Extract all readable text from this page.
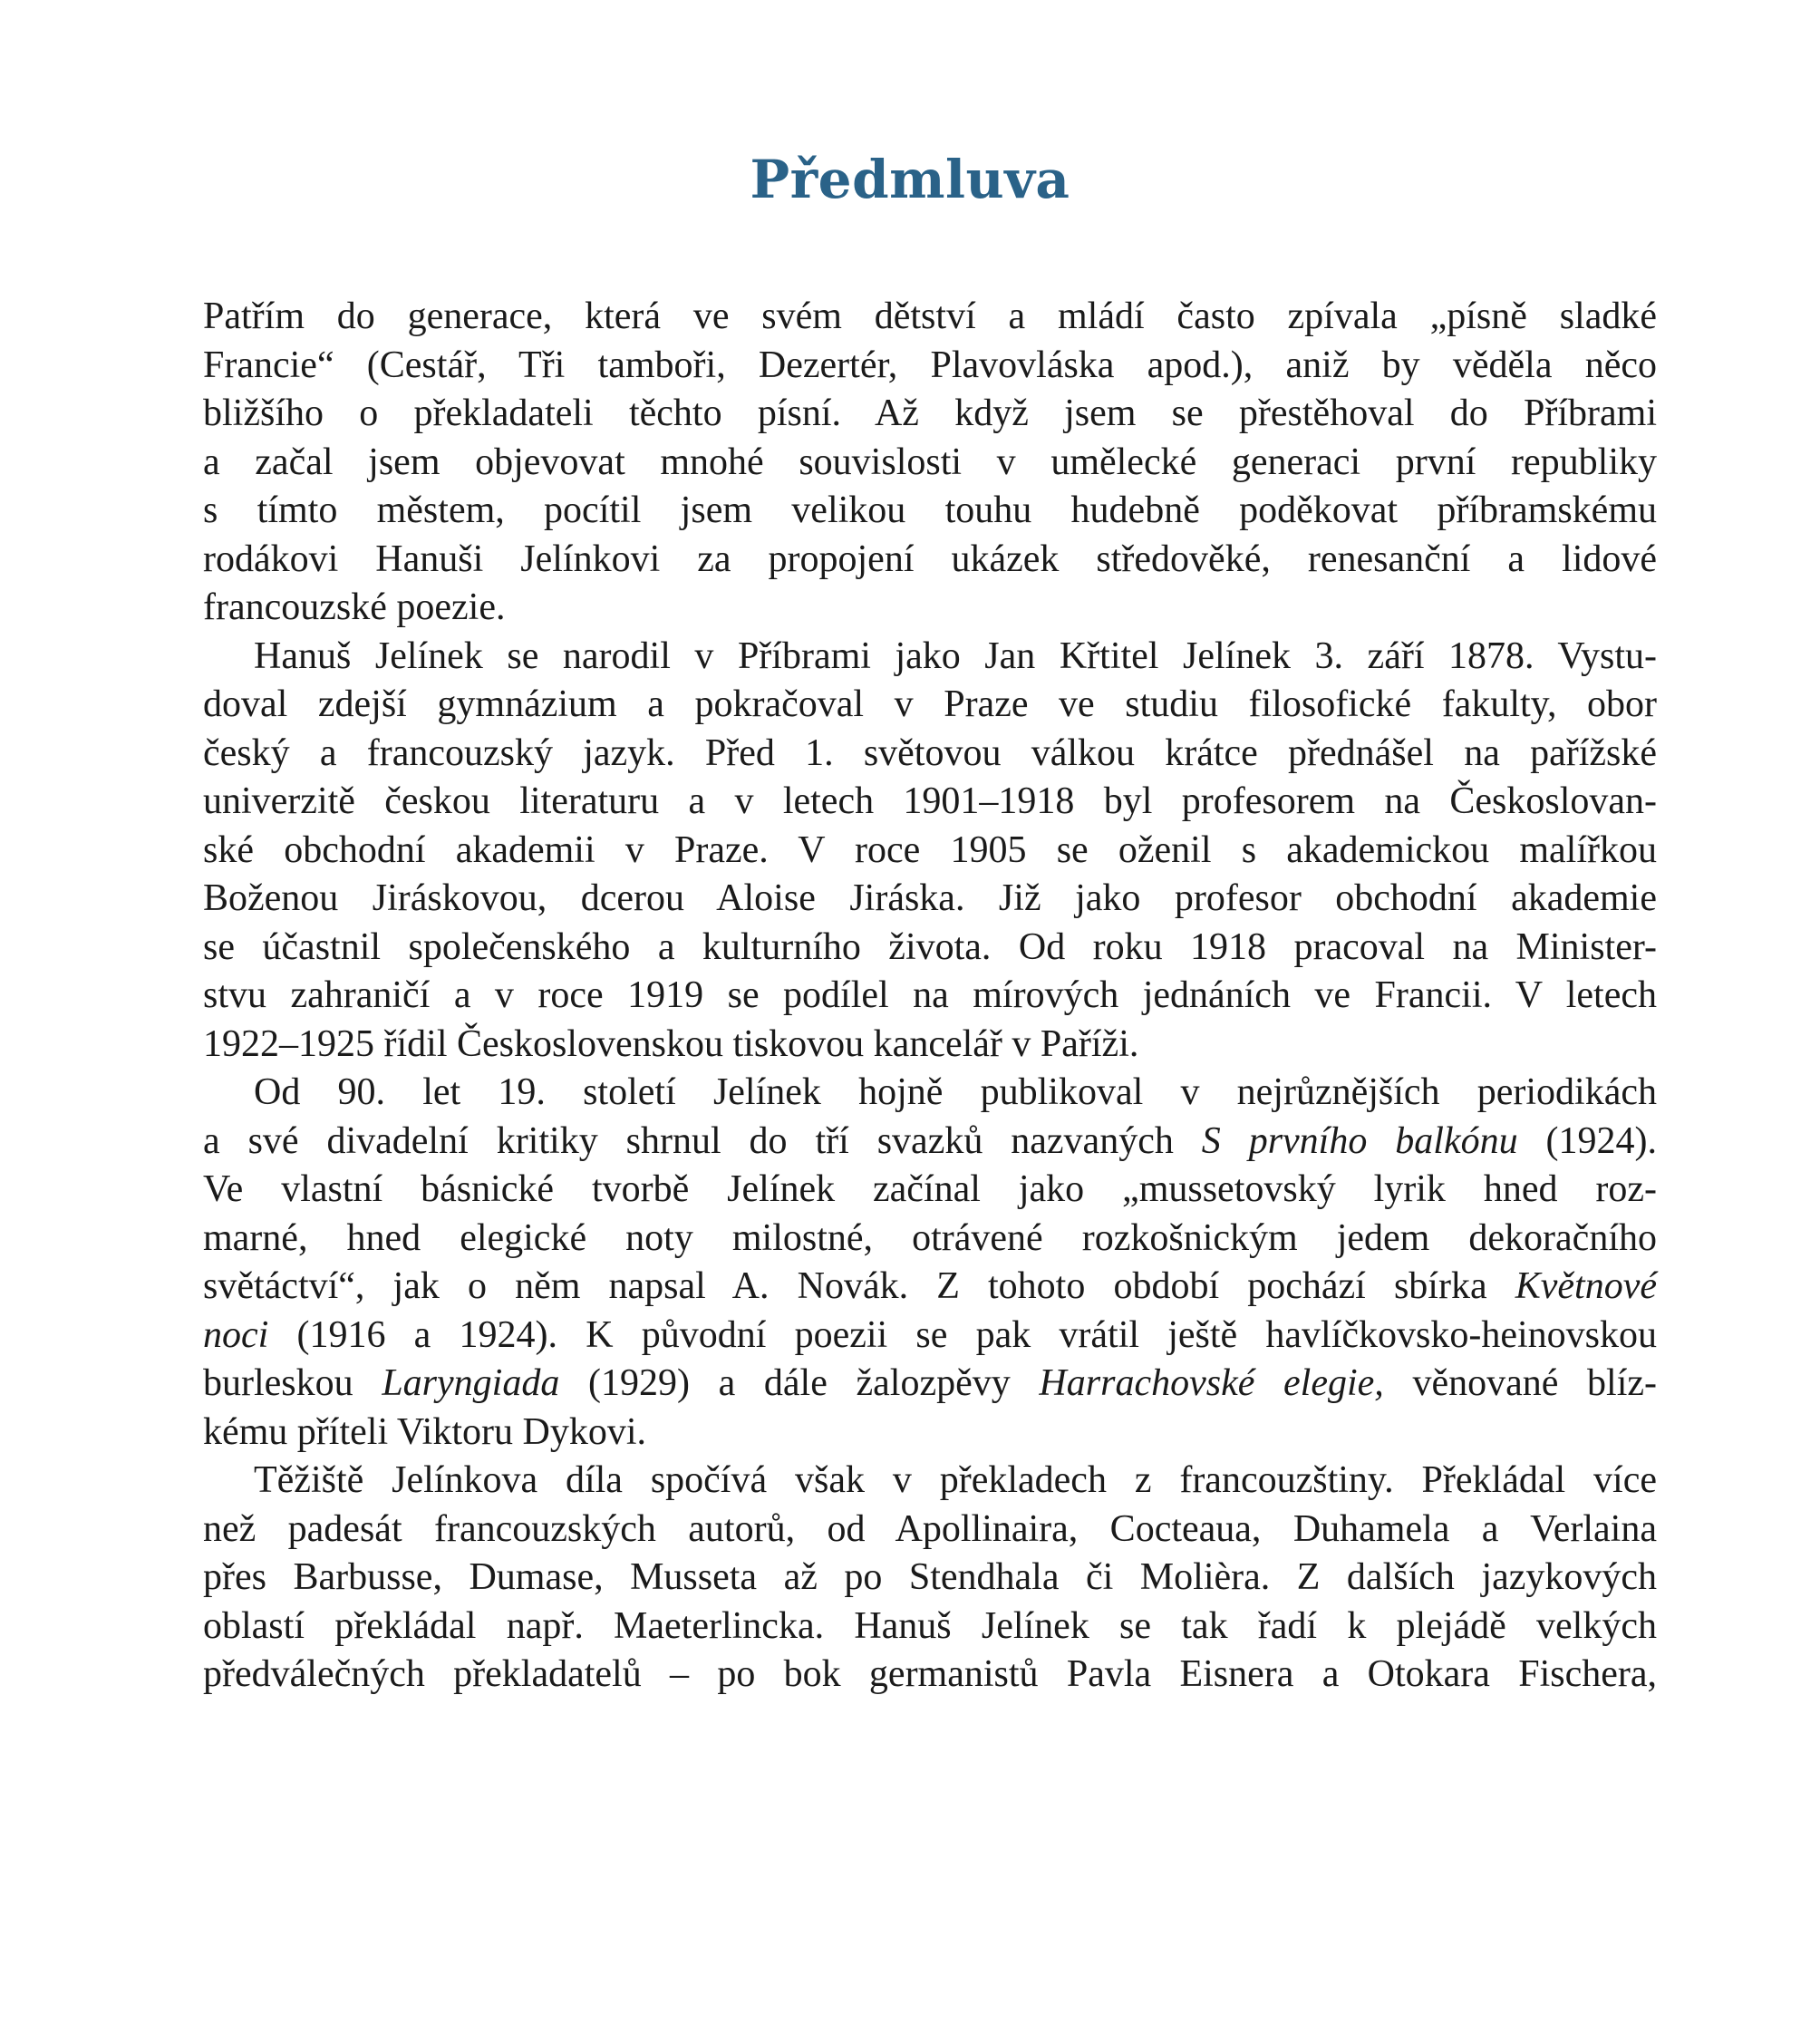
Předmluva
Patřím do generace, která ve svém dětství a mládí často zpívala „písně sladké
Francie“ (Cestář, Tři tamboři, Dezertér, Plavovláska apod.), aniž by věděla něco
bližšího o překladateli těchto písní. Až když jsem se přestěhoval do Příbrami
a začal jsem objevovat mnohé souvislosti v umělecké generaci první republiky
s tímto městem, pocítil jsem velikou touhu hudebně poděkovat příbramskému
rodákovi Hanuši Jelínkovi za propojení ukázek středověké, renesanční a lidové
francouzské poezie.
Hanuš Jelínek se narodil v Příbrami jako Jan Křtitel Jelínek 3. září 1878. Vystu-
doval zdejší gymnázium a pokračoval v Praze ve studiu filosofické fakulty, obor
český a francouzský jazyk. Před 1. světovou válkou krátce přednášel na pařížské
univerzitě českou literaturu a v letech 1901–1918 byl profesorem na Českoslovan-
ské obchodní akademii v Praze. V roce 1905 se oženil s akademickou malířkou
Boženou Jiráskovou, dcerou Aloise Jiráska. Již jako profesor obchodní akademie
se účastnil společenského a kulturního života. Od roku 1918 pracoval na Minister-
stvu zahraničí a v roce 1919 se podílel na mírových jednáních ve Francii. V letech
1922–1925 řídil Československou tiskovou kancelář v Paříži.
Od 90. let 19. století Jelínek hojně publikoval v nejrůznějších periodikách
a své divadelní kritiky shrnul do tří svazků nazvaných S prvního balkónu (1924).
Ve vlastní básnické tvorbě Jelínek začínal jako „mussetovský lyrik hned roz-
marné, hned elegické noty milostné, otrávené rozkošnickým jedem dekoračního
světáctví“, jak o něm napsal A. Novák. Z tohoto období pochází sbírka Květnové
noci (1916 a 1924). K původní poezii se pak vrátil ještě havlíčkovsko-heinovskou
burleskou Laryngiada (1929) a dále žalozpěvy Harrachovské elegie, věnované blíz-
kému příteli Viktoru Dykovi.
Těžiště Jelínkova díla spočívá však v překladech z francouzštiny. Překládal více
než padesát francouzských autorů, od Apollinaira, Cocteaua, Duhamela a Verlaina
přes Barbusse, Dumase, Musseta až po Stendhala či Molièra. Z dalších jazykových
oblastí překládal např. Maeterlincka. Hanuš Jelínek se tak řadí k plejádě velkých
předválečných překladatelů – po bok germanistů Pavla Eisnera a Otokara Fischera,
